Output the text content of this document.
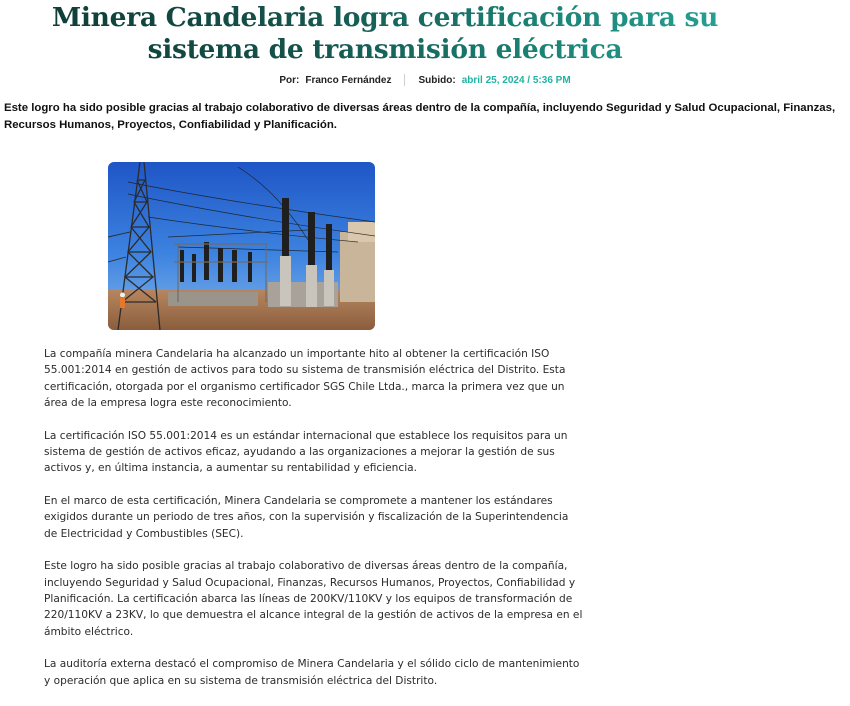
Minera Candelaria logra certificación para su sistema de transmisión eléctrica
Por: Franco Fernández	Subido: abril 25, 2024 / 5:36 PM

Este logro ha sido posible gracias al trabajo colaborativo de diversas áreas dentro de la compañía, incluyendo Seguridad y Salud Ocupacional, Finanzas, Recursos Humanos, Proyectos, Confiabilidad y Planificación.

La compañía minera Candelaria ha alcanzado un importante hito al obtener la certificación ISO 55.001:2014 en gestión de activos para todo su sistema de transmisión eléctrica del Distrito. Esta certificación, otorgada por el organismo certificador SGS Chile Ltda., marca la primera vez que un área de la empresa logra este reconocimiento.

La certificación ISO 55.001:2014 es un estándar internacional que establece los requisitos para un sistema de gestión de activos eficaz, ayudando a las organizaciones a mejorar la gestión de sus activos y, en última instancia, a aumentar su rentabilidad y eficiencia.

En el marco de esta certificación, Minera Candelaria se compromete a mantener los estándares exigidos durante un periodo de tres años, con la supervisión y fiscalización de la Superintendencia de Electricidad y Combustibles (SEC).

Este logro ha sido posible gracias al trabajo colaborativo de diversas áreas dentro de la compañía, incluyendo Seguridad y Salud Ocupacional, Finanzas, Recursos Humanos, Proyectos, Confiabilidad y Planificación. La certificación abarca las líneas de 200KV/110KV y los equipos de transformación de 220/110KV a 23KV, lo que demuestra el alcance integral de la gestión de activos de la empresa en el ámbito eléctrico.

La auditoría externa destacó el compromiso de Minera Candelaria y el sólido ciclo de mantenimiento y operación que aplica en su sistema de transmisión eléctrica del Distrito.
